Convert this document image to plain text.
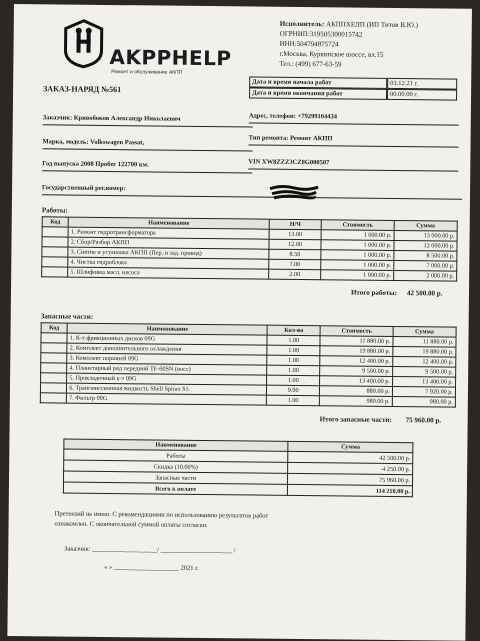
AKPPHELP
Ремонт и обслуживание АКПП
Исполнитель: АКППХЕЛП (ИП Титов В.Ю.)
ОГРНИП:319505300015742
ИНН:504794875724
г.Москва, Куркинское шоссе, вл.15
Тел.: (499) 677-63-59
ЗАКАЗ-НАРЯД №561
Дата и время начала работ	03.12.21 г.
Дата и время окончания работ	00.00.00 г.
Заказчик: Кривобоков Александр Николаевич	Адрес, телефон: +79299104434
Марка, модель: Volkswagen Passat,	Тип ремонта: Ремонт АКПП
Год выпуска 2008 Пробег 122700 км.	VIN XW8ZZZ3CZ8G000507
Государственный рег.номер:
Работы:
Код	Наименование	Н/Ч	Стоимость	Сумма
	1. Ремонт гидротрансформатора	13.00	1 000.00 р.	13 000.00 р.
	2. Сбор/Разбор АКПП	12.00	1 000.00 р.	12 000.00 р.
	3. Снятие и установка АКПП (Пер. и зад. привод)	8.50	1 000.00 р.	8 500.00 р.
	4. Чистка гидроблока	7.00	1 000.00 р.	7 000.00 р.
	5. Шлифовка масл. насоса	2.00	1 000.00 р.	2 000.00 р.
Итого работы: 42 500.00 р.
Запасные части:
Код	Наименование	Кол-во	Стоимость	Сумма
	1. К-т фрикционных дисков 09G	1.00	11 880.00 р.	11 880.00 р.
	2. Комплект дополнительного охлаждения	1.00	19 880.00 р.	19 880.00 р.
	3. Комплект поршней 09G	1.00	12 400.00 р.	12 400.00 р.
	4. Планетарный ряд передний TF-60SN (восс)	1.00	9 500.00 р.	9 500.00 р.
	5. Прокладочный к-т 09G	1.00	13 400.00 р.	13 400.00 р.
	6. Трансмиссионная жидкость Shell Spirax S5	9.00	880.00 р.	7 920.00 р.
	7. Фильтр 09G	1.00	980.00 р.	980.00 р.
Итого запасные части: 75 960.00 р.
Наименование	Сумма
Работы	42 500.00 р.
Скидка (10.00%)	-4 250.00 р.
Запасные части	75 960.00 р.
Всего к оплате	114 210.00 р.
Претензий не имею. С рекомендациями по использованию результатов работ
ознакомлен. С окончательной суммой оплаты согласен.
Заказчик: ____________________/ ______________________ /
« » ____________________ 2021 г.
